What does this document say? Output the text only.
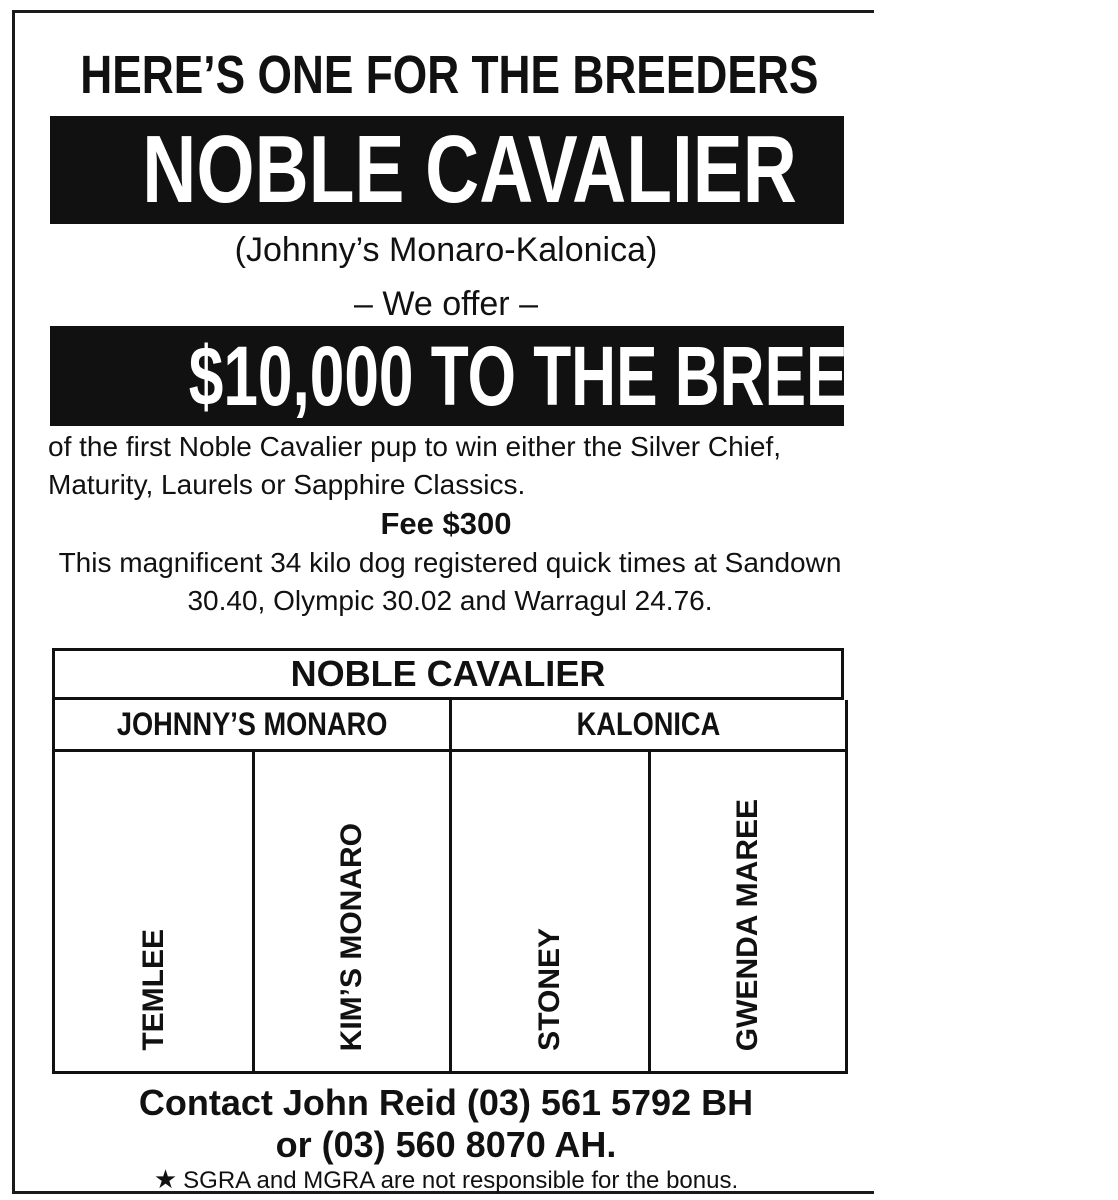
HERE’S ONE FOR THE BREEDERS
NOBLE CAVALIER
(Johnny’s Monaro-Kalonica)
– We offer –
$10,000 TO THE BREEDER
of the first Noble Cavalier pup to win either the Silver Chief, Maturity, Laurels or Sapphire Classics.
Fee $300
This magnificent 34 kilo dog registered quick times at Sandown 30.40, Olympic 30.02 and Warragul 24.76.
NOBLE CAVALIER
JOHNNY’S MONARO	KALONICA
TEMLEE	KIM’S MONARO	STONEY	GWENDA MAREE
Contact John Reid (03) 561 5792 BH
or (03) 560 8070 AH.
★ SGRA and MGRA are not responsible for the bonus.
